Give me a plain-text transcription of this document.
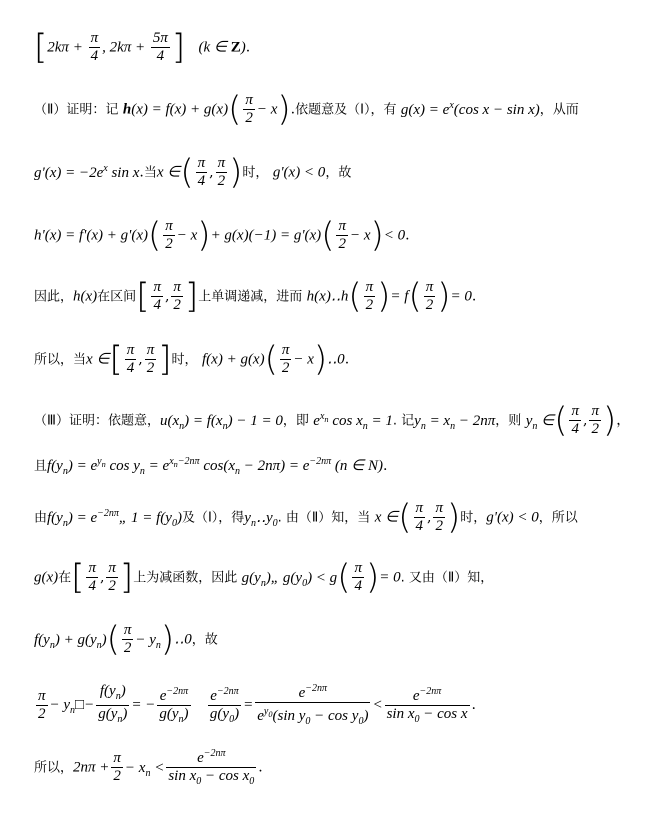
[$2k\pi + \frac{\pi}{4}$ , $2k\pi + \frac{5\pi}{4}$ ] (k ∈ Z).
（Ⅱ）证明：记 $h(x) = f(x) + g(x)( \frac{\pi}{2} - x)$.依题意及（Ⅰ），有 $g(x) = e^x(\cos$ x − sin x)，从而
$g'(x) = -2e^x$ sin x.当x ∈( $\frac{\pi}{4}$ , $\frac{\pi}{2}$ )时， g'(x) < 0，故
$h'(x) = f'(x) + g'(x)( \frac{\pi}{2} - x)+ g(x)(-1) = g'(x)( \frac{\pi}{2} - x)< 0$.
因此，h(x)在区间[ $\frac{\pi}{4}$ , $\frac{\pi}{2}$ ]上单调递减，进而 h(x)‥h( $\frac{\pi}{2}$ )= $f( \frac{\pi}{2}$ )= 0.
所以，当x ∈[ $\frac{\pi}{4}$ , $\frac{\pi}{2}$ ]时， $f(x) + g(x)( \frac{\pi}{2}$ − x)‥0.
（Ⅲ）证明：依题意，$u(x_n) = f(x_n) - 1 = 0$，即 $e^{x_n}$ $\cos x_n = 1$. 记$y_n = x_n - 2n\pi$，则 $y_n$ ∈( $\frac{\pi}{4}$ , $\frac{\pi}{2}$ )，
且$f(y_n) = e^{y_n}$ $\cos y_n = e^{x_n-2n\pi}$ $\cos(x_n - 2n\pi) = e^{-2n\pi}$ (n ∈ N).
由$f(y_n)$ = $e^{-2n\pi}„$ $1 = f(y_0)$及（Ⅰ），得$y_n‥y_0$. 由（Ⅱ）知，当 x ∈( $\frac{\pi}{4}$ , $\frac{\pi}{2}$ )时，g'(x) < 0，所以
g(x)在[ $\frac{\pi}{4}$ , $\frac{\pi}{2}$ ]上为减函数，因此 $g(y_n)„$ $g(y_0) < g( \frac{\pi}{4}$ )= 0. 又由（Ⅱ）知，
$f(y_n) + g(y_n)( \frac{\pi}{2}$ − $y_n)‥0$，故
$\frac{\pi}{2}$ − $y_n□- \frac{f(y_n)}{g(y_n)}$ = − $\frac{e^{-2n\pi}}{g(y_n)}$
$\frac{e^{-2n\pi}}{g(y_0)} = \frac{e^{-2n\pi}}{e^{y_0}(\sin y_0 - \cos y_0)} < \frac{e^{-2n\pi}}{\sin x_0 - \cos x}$ .
所以，$2n\pi + \frac{\pi}{2} - x_n < \frac{e^{-2n\pi}}{\sin x_0 - \cos x_0}$ .
